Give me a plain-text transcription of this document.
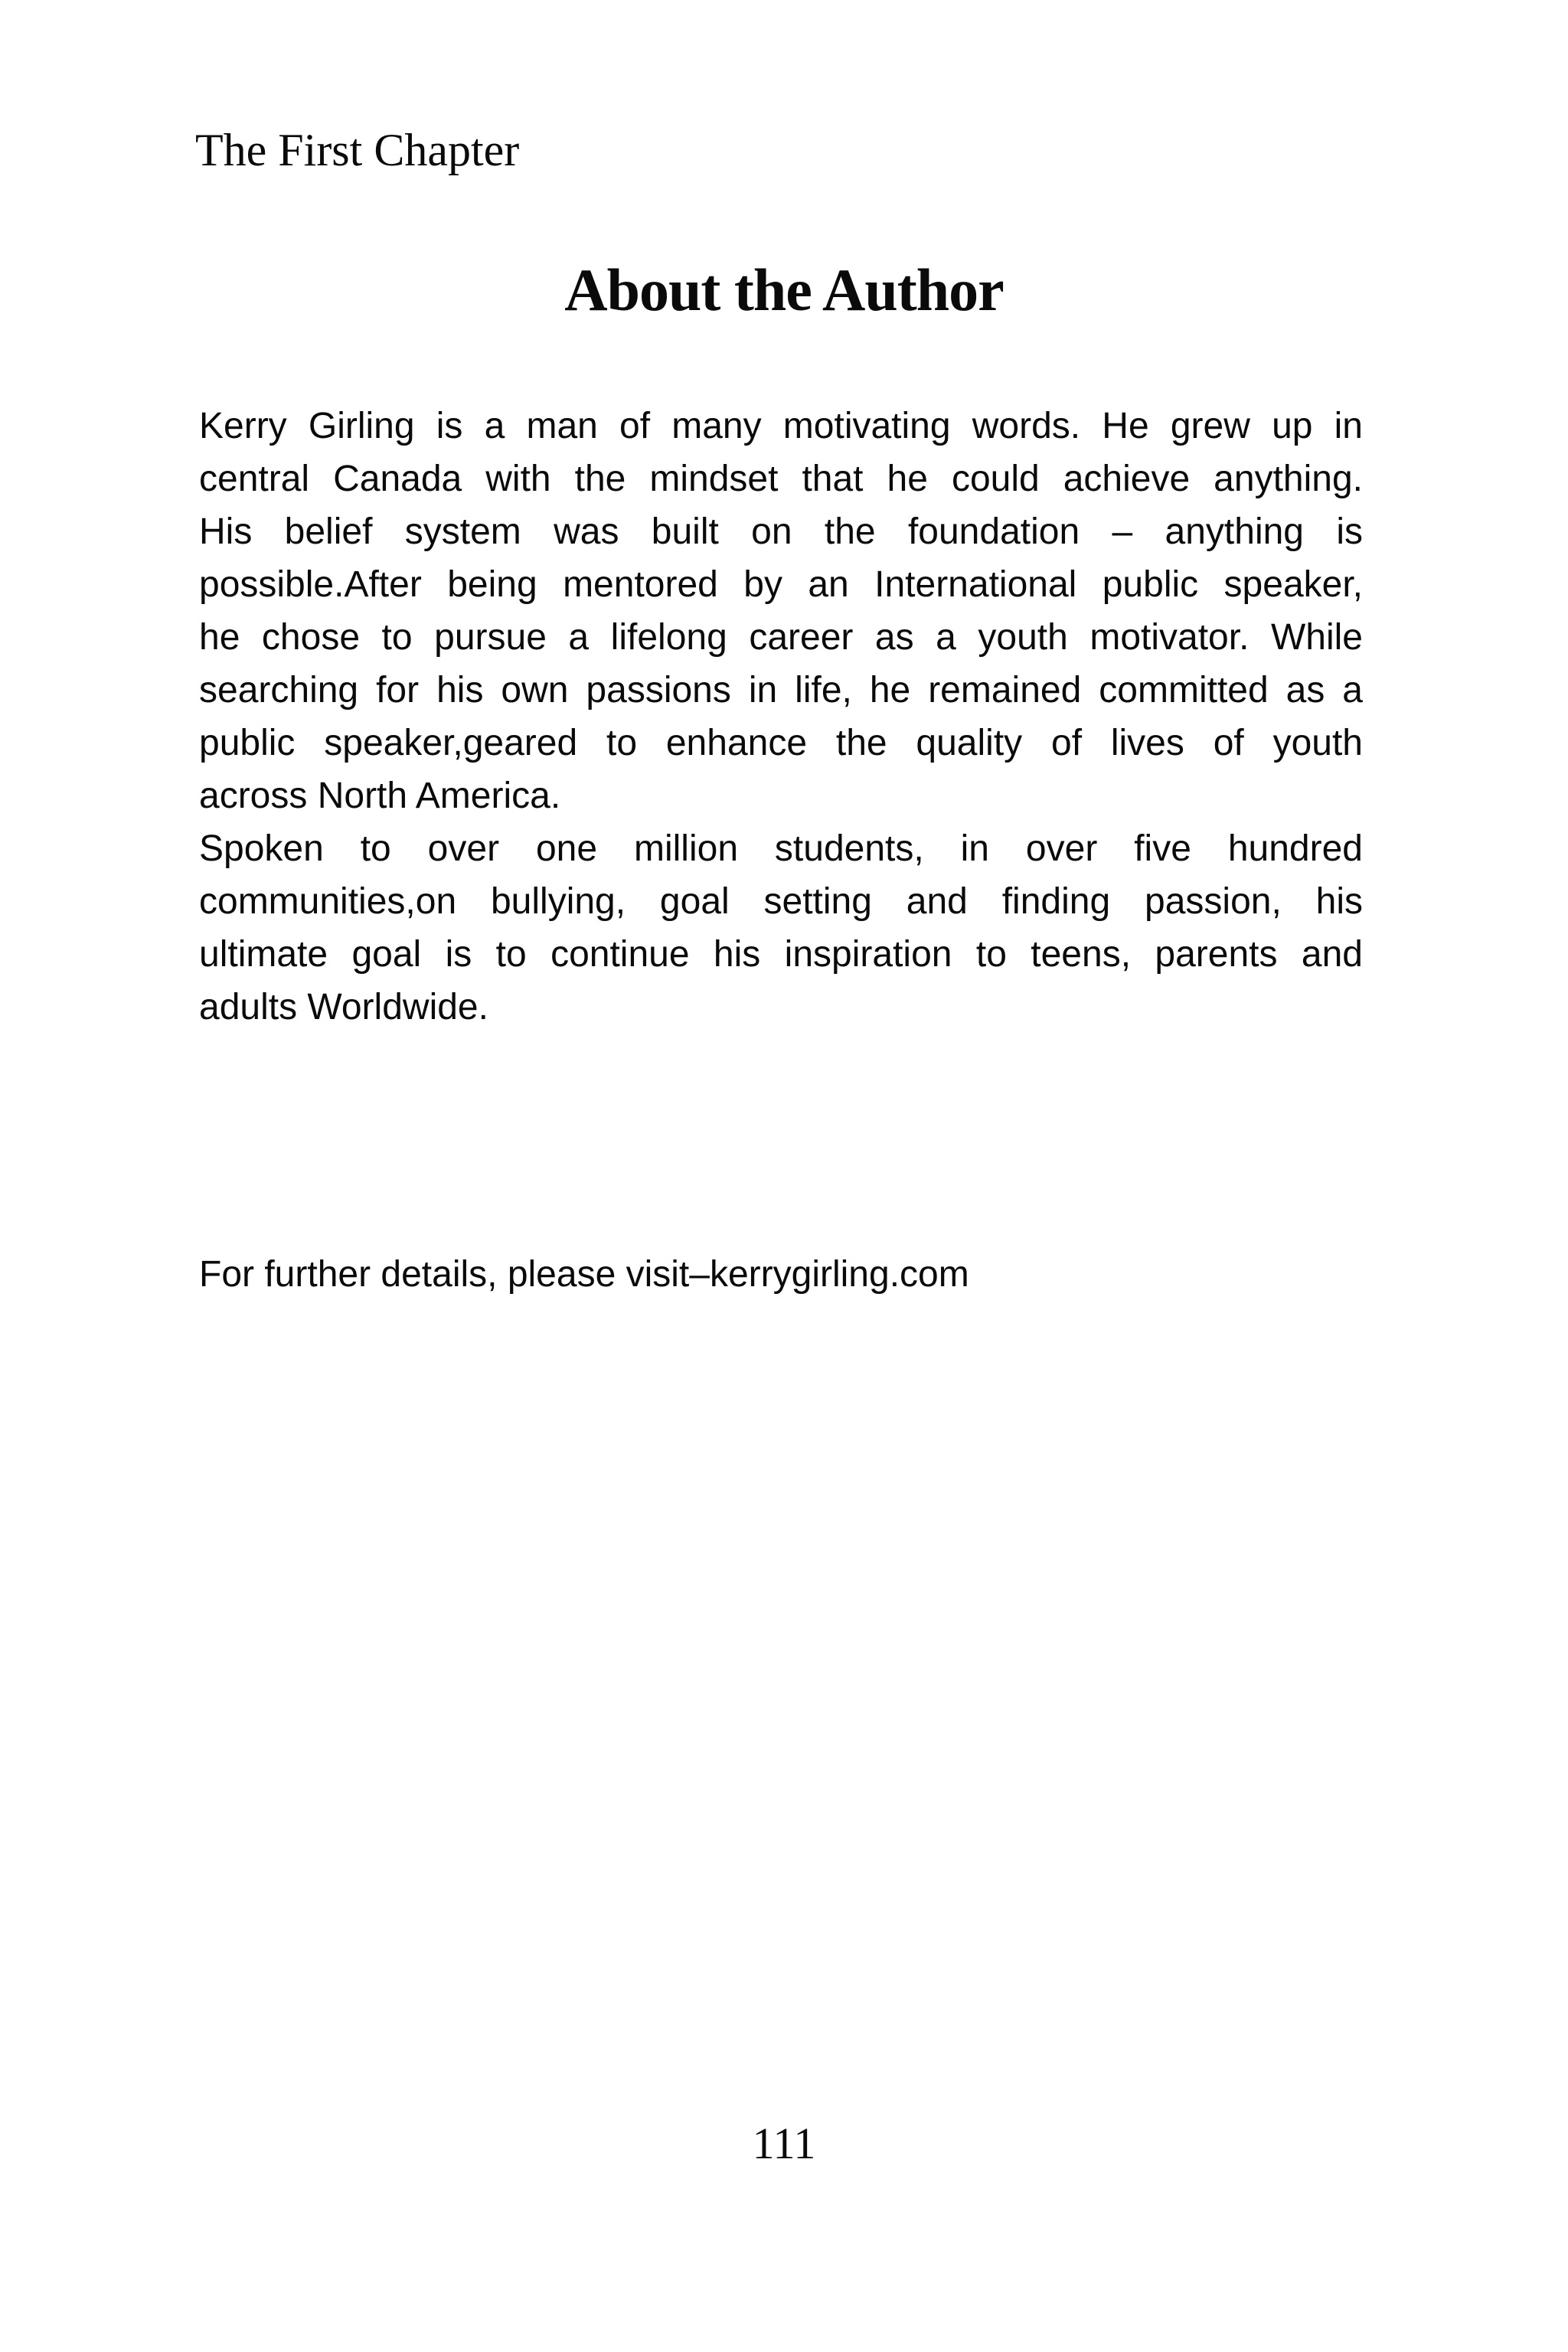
The First Chapter
About the Author
Kerry Girling is a man of many motivating words. He grew up in
central Canada with the mindset that he could achieve anything.
His belief system was built on the foundation – anything is
possible.After being mentored by an International public speaker,
he chose to pursue a lifelong career as a youth motivator. While
searching for his own passions in life, he remained committed as a
public speaker,geared to enhance the quality of lives of youth
across North America.
Spoken to over one million students, in over five hundred
communities,on bullying, goal setting and finding passion, his
ultimate goal is to continue his inspiration to teens, parents and
adults Worldwide.
For further details, please visit–kerrygirling.com
111
